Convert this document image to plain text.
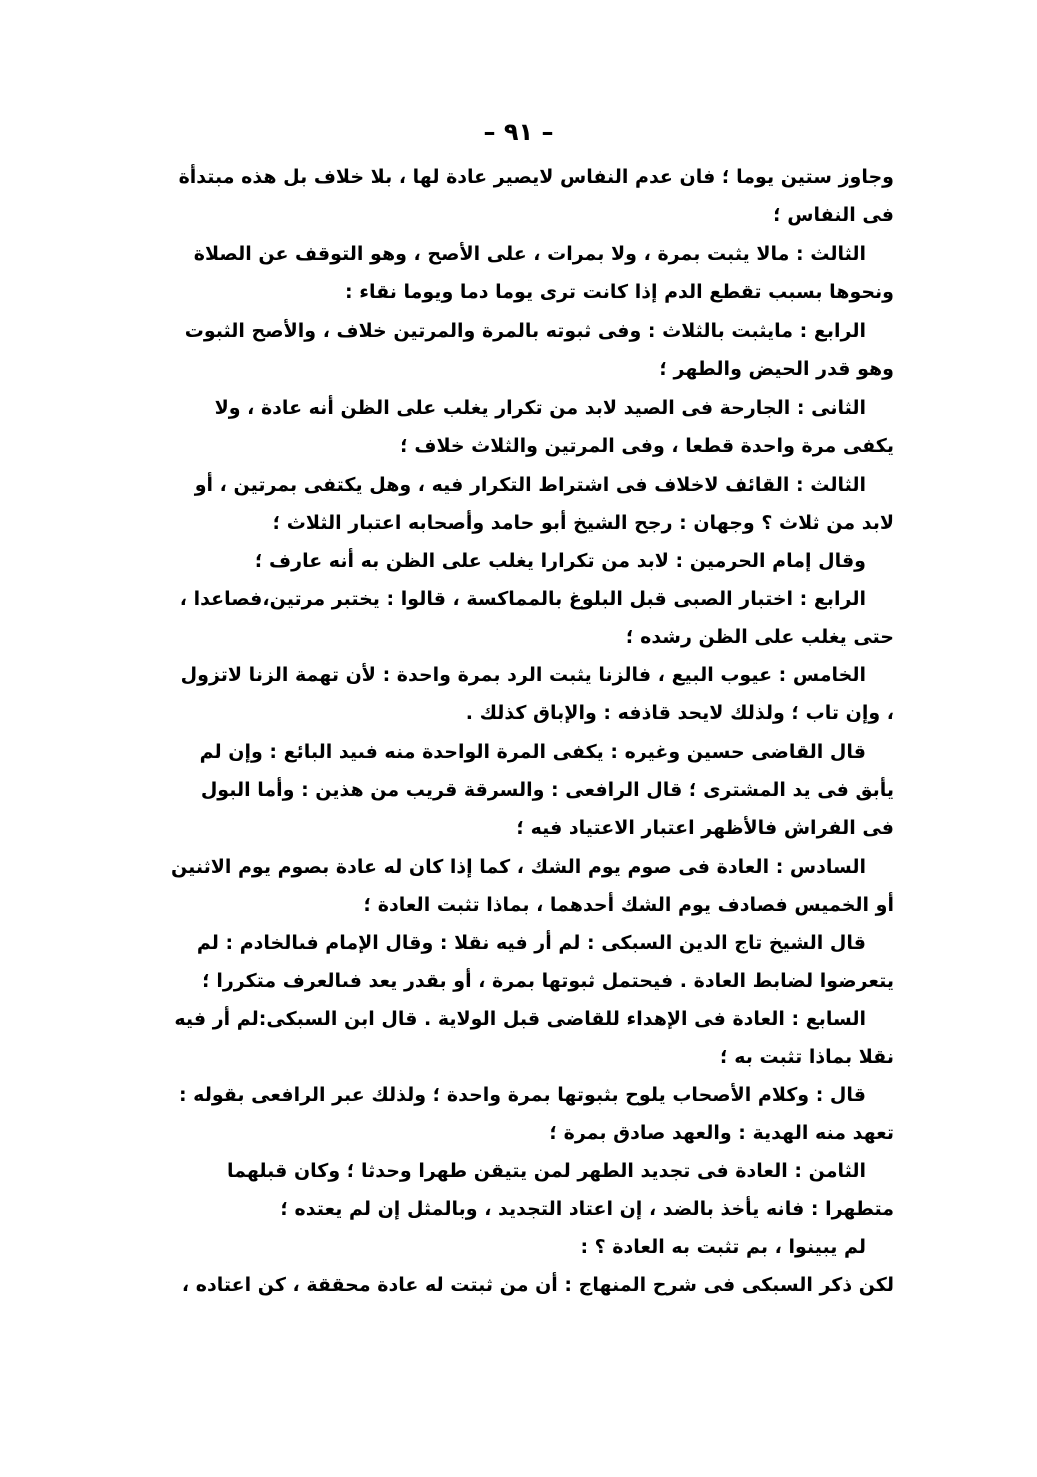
– ٩١ –

وجاوز ستين يوما ؛ فان عدم النفاس لايصير عادة لها ، بلا خلاف بل هذه مبتدأة فى النفاس ؛

الثالث : مالا يثبت بمرة ، ولا بمرات ، على الأصح ، وهو التوقف عن الصلاة ونحوها بسبب تقطع الدم إذا كانت ترى يوما دما ويوما نقاء :

الرابع : مايثبت بالثلاث : وفى ثبوته بالمرة والمرتين خلاف ، والأصح الثبوت وهو قدر الحيض والطهر ؛

الثانى : الجارحة فى الصيد لابد من تكرار يغلب على الظن أنه عادة ، ولا يكفى مرة واحدة قطعا ، وفى المرتين والثلاث خلاف ؛

الثالث : القائف لاخلاف فى اشتراط التكرار فيه ، وهل يكتفى بمرتين ، أو لابد من ثلاث ؟ وجهان : رجح الشيخ أبو حامد وأصحابه اعتبار الثلاث ؛

وقال إمام الحرمين : لابد من تكرارا يغلب على الظن به أنه عارف ؛

الرابع : اختبار الصبى قبل البلوغ بالمماكسة ، قالوا : يختبر مرتين،فصاعدا ، حتى يغلب على الظن رشده ؛

الخامس : عيوب البيع ، فالزنا يثبت الرد بمرة واحدة : لأن تهمة الزنا لاتزول ، وإن تاب ؛ ولذلك لايحد قاذفه : والإباق كذلك .

قال القاضى حسين وغيره : يكفى المرة الواحدة منه فىيد البائع : وإن لم يأبق فى يد المشترى ؛ قال الرافعى : والسرقة قريب من هذين : وأما البول فى الفراش فالأظهر اعتبار الاعتياد فيه ؛

السادس : العادة فى صوم يوم الشك ، كما إذا كان له عادة بصوم يوم الاثنين أو الخميس فصادف يوم الشك أحدهما ، بماذا تثبت العادة ؛

قال الشيخ تاج الدين السبكى : لم أر فيه نقلا : وقال الإمام فىالخادم : لم يتعرضوا لضابط العادة . فيحتمل ثبوتها بمرة ، أو بقدر يعد فىالعرف متكررا ؛

السابع : العادة فى الإهداء للقاضى قبل الولاية . قال ابن السبكى:لم أر فيه نقلا بماذا تثبت به ؛

قال : وكلام الأصحاب يلوح بثبوتها بمرة واحدة ؛ ولذلك عبر الرافعى بقوله : تعهد منه الهدية : والعهد صادق بمرة ؛

الثامن : العادة فى تجديد الطهر لمن يتيقن طهرا وحدثا ؛ وكان قبلهما متطهرا : فانه يأخذ بالضد ، إن اعتاد التجديد ، وبالمثل إن لم يعتده ؛

لم يبينوا ، بم تثبت به العادة ؟ :

لكن ذكر السبكى فى شرح المنهاج : أن من ثبتت له عادة محققة ، كن اعتاده ،
